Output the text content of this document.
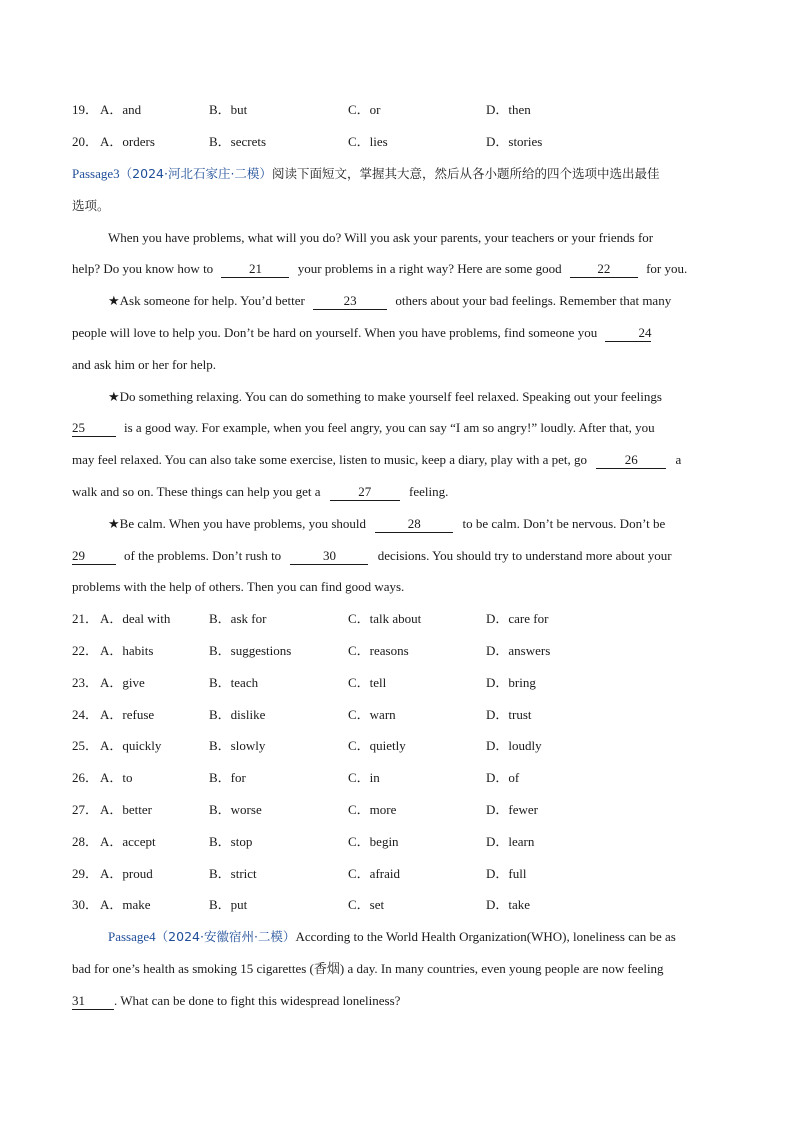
19． A．and	B．but	C．or	D．then
20． A．orders	B．secrets	C．lies	D．stories
Passage3（2024·河北石家庄·二模）阅读下面短文，掌握其大意，然后从各小题所给的四个选项中选出最佳
选项。
When you have problems, what will you do? Will you ask your parents, your teachers or your friends for
help? Do you know how to	21	your problems in a right way? Here are some good	22	for you.
★Ask someone for help. You’d better	23	others about your bad feelings. Remember that many
people will love to help you. Don’t be hard on yourself. When you have problems, find someone you	24
and ask him or her for help.
★Do something relaxing. You can do something to make yourself feel relaxed. Speaking out your feelings
25	is a good way. For example, when you feel angry, you can say “I am so angry!” loudly. After that, you
may feel relaxed. You can also take some exercise, listen to music, keep a diary, play with a pet, go	26	a
walk and so on. These things can help you get a	27	feeling.
★Be calm. When you have problems, you should	28	to be calm. Don’t be nervous. Don’t be
29	of the problems. Don’t rush to	30	decisions. You should try to understand more about your
problems with the help of others. Then you can find good ways.
21． A．deal with	B．ask for	C．talk about	D．care for
22． A．habits	B．suggestions	C．reasons	D．answers
23． A．give	B．teach	C．tell	D．bring
24． A．refuse	B．dislike	C．warn	D．trust
25． A．quickly	B．slowly	C．quietly	D．loudly
26． A．to	B．for	C．in	D．of
27． A．better	B．worse	C．more	D．fewer
28． A．accept	B．stop	C．begin	D．learn
29． A．proud	B．strict	C．afraid	D．full
30． A．make	B．put	C．set	D．take
Passage4（2024·安徽宿州·二模）According to the World Health Organization(WHO), loneliness can be as
bad for one’s health as smoking 15 cigarettes (香烟) a day. In many countries, even young people are now feeling
31 . What can be done to fight this widespread loneliness?
